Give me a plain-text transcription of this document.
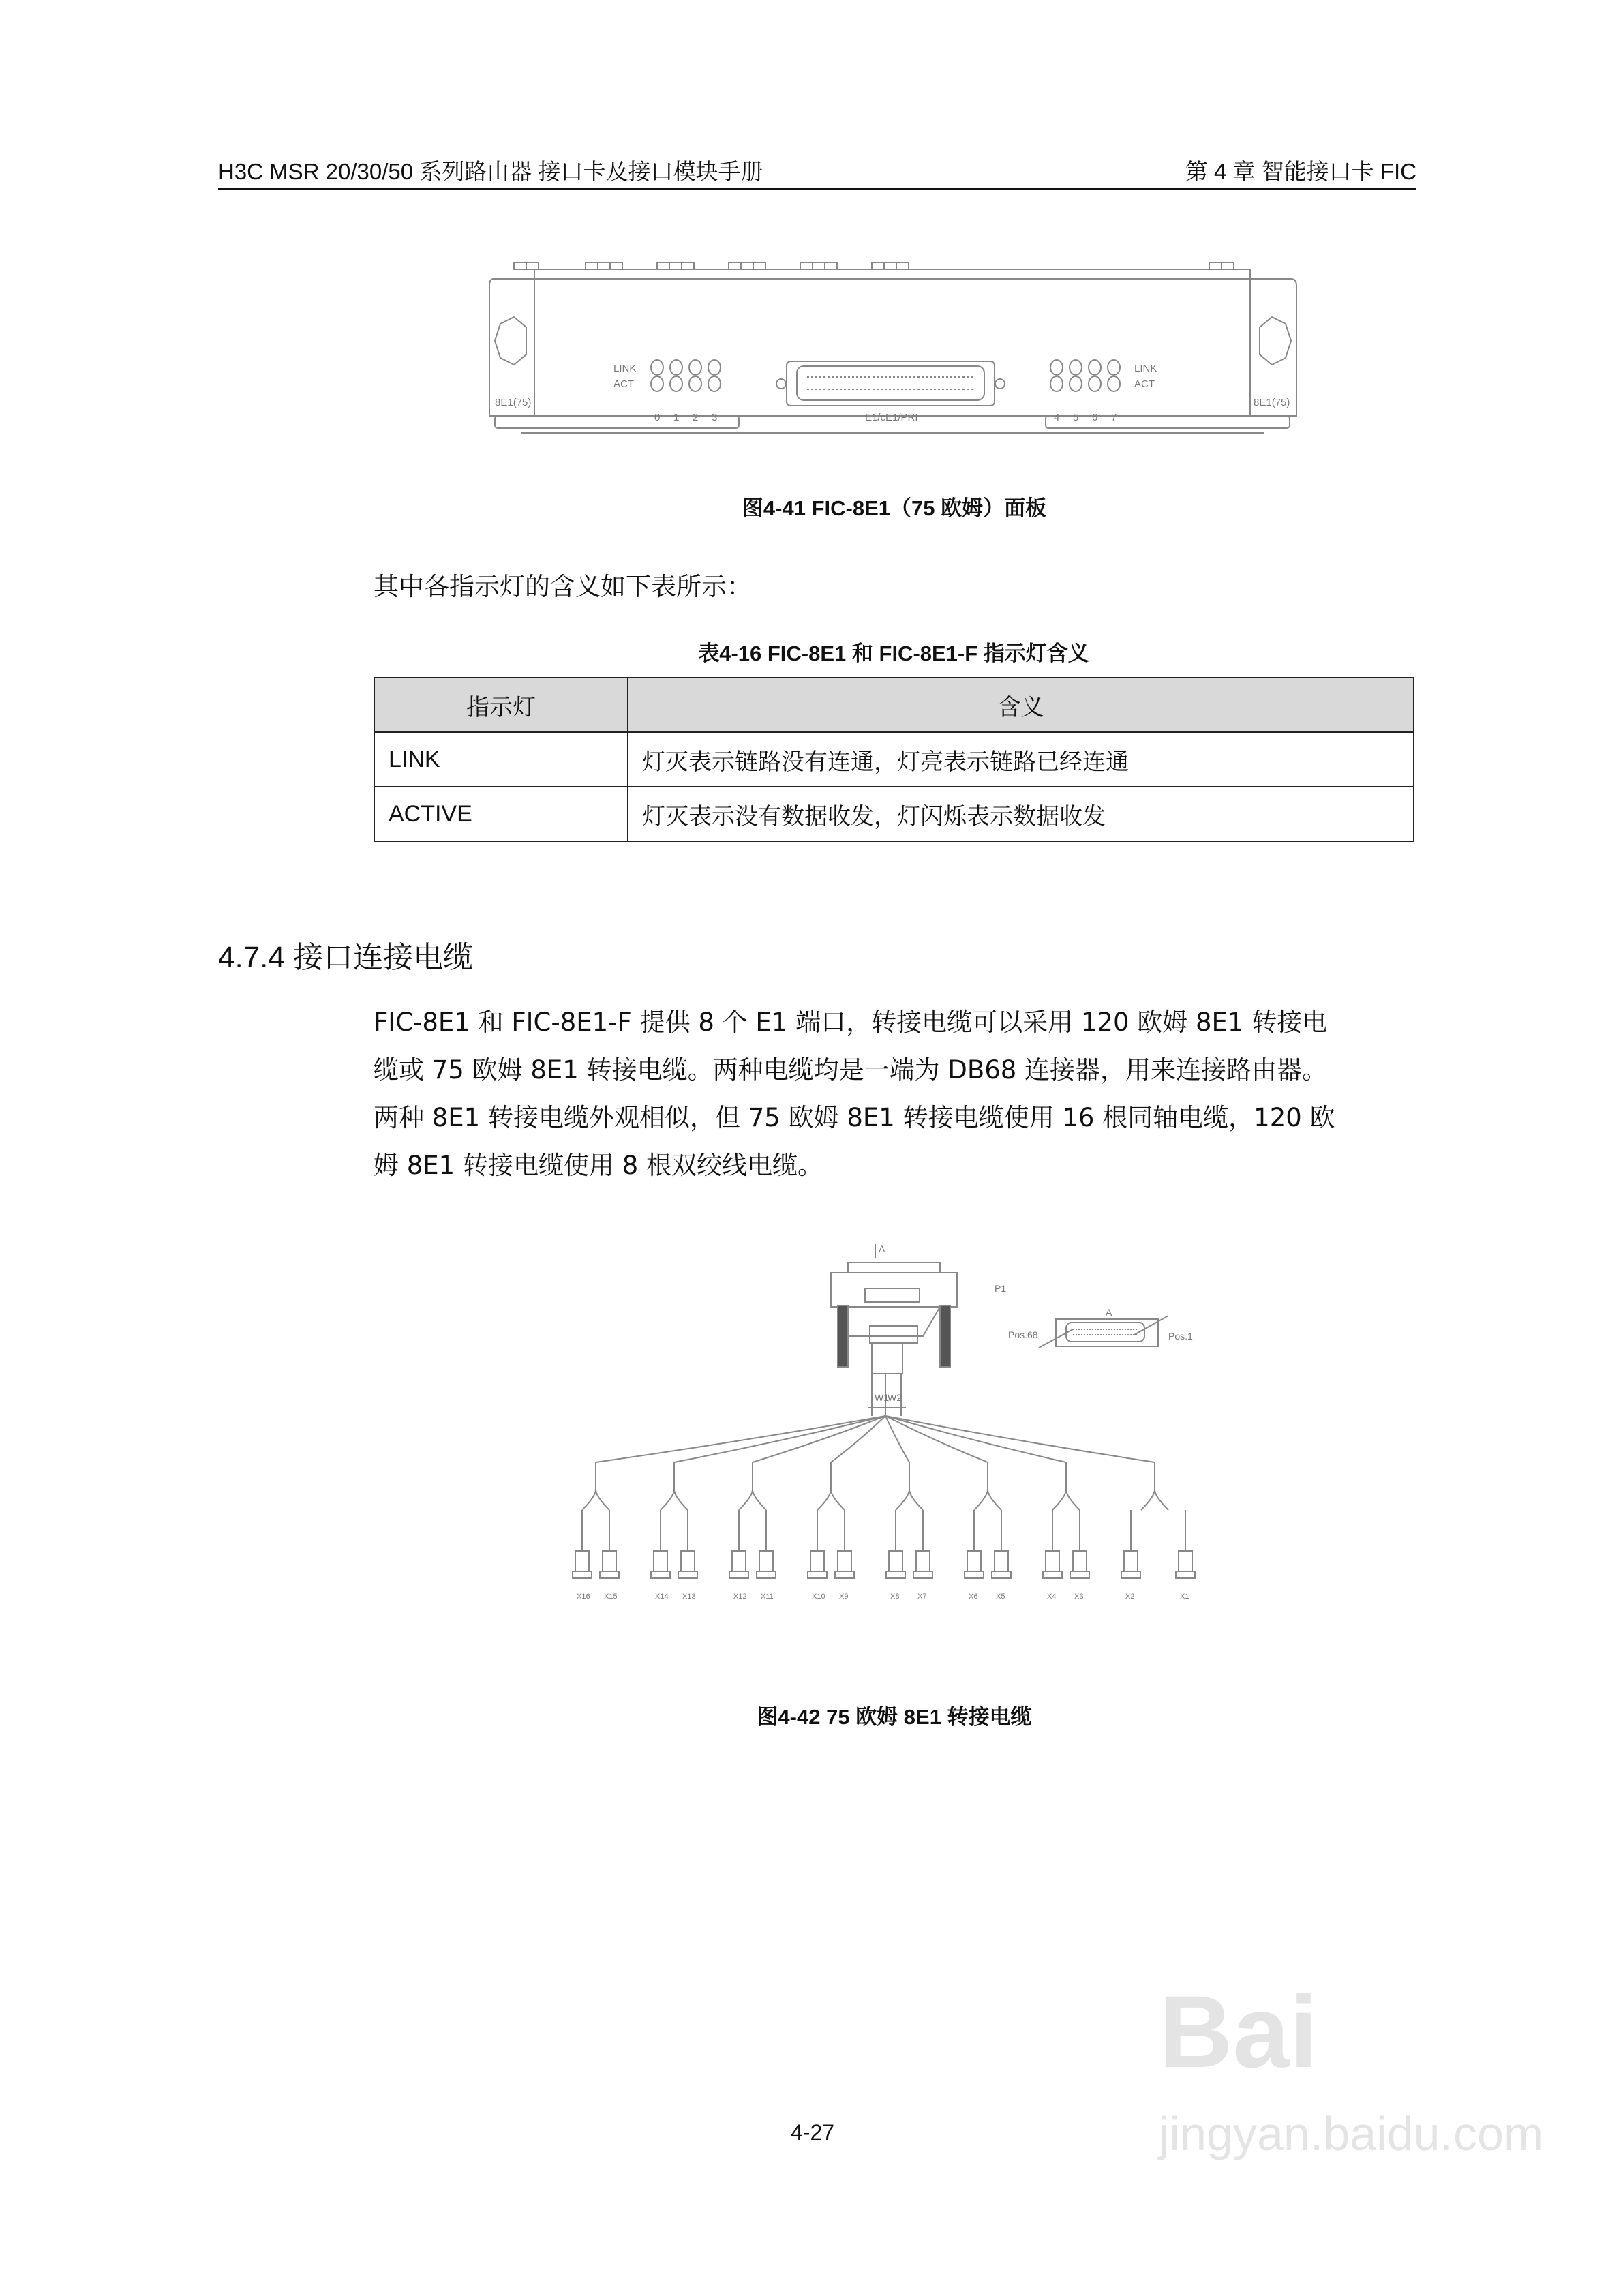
H3C MSR 20/30/50 系列路由器 接口卡及接口模块手册	第 4 章 智能接口卡 FIC
8E1(75)	8E1(75)
LINK
ACT
LINK
ACT
E1/cE1/PRI
0 1 2 3	4 5 6 7
图4-41 FIC-8E1（75 欧姆）面板
其中各指示灯的含义如下表所示：
表4-16 FIC-8E1 和 FIC-8E1-F 指示灯含义
指示灯	含义
LINK	灯灭表示链路没有连通，灯亮表示链路已经连通
ACTIVE	灯灭表示没有数据收发，灯闪烁表示数据收发
4.7.4 接口连接电缆
FIC-8E1 和 FIC-8E1-F 提供 8 个 E1 端口，转接电缆可以采用 120 欧姆 8E1 转接电
缆或 75 欧姆 8E1 转接电缆。两种电缆均是一端为 DB68 连接器，用来连接路由器。
两种 8E1 转接电缆外观相似，但 75 欧姆 8E1 转接电缆使用 16 根同轴电缆，120 欧
姆 8E1 转接电缆使用 8 根双绞线电缆。
A
A
P1
W1
W2
Pos.68	Pos.1
X16 X15	X14 X13	X12 X11	X10 X9	X8 X7	X6 X5	X4 X3	X2	X1
图4-42 75 欧姆 8E1 转接电缆
4-27
Bai
jingyan.baidu.com
